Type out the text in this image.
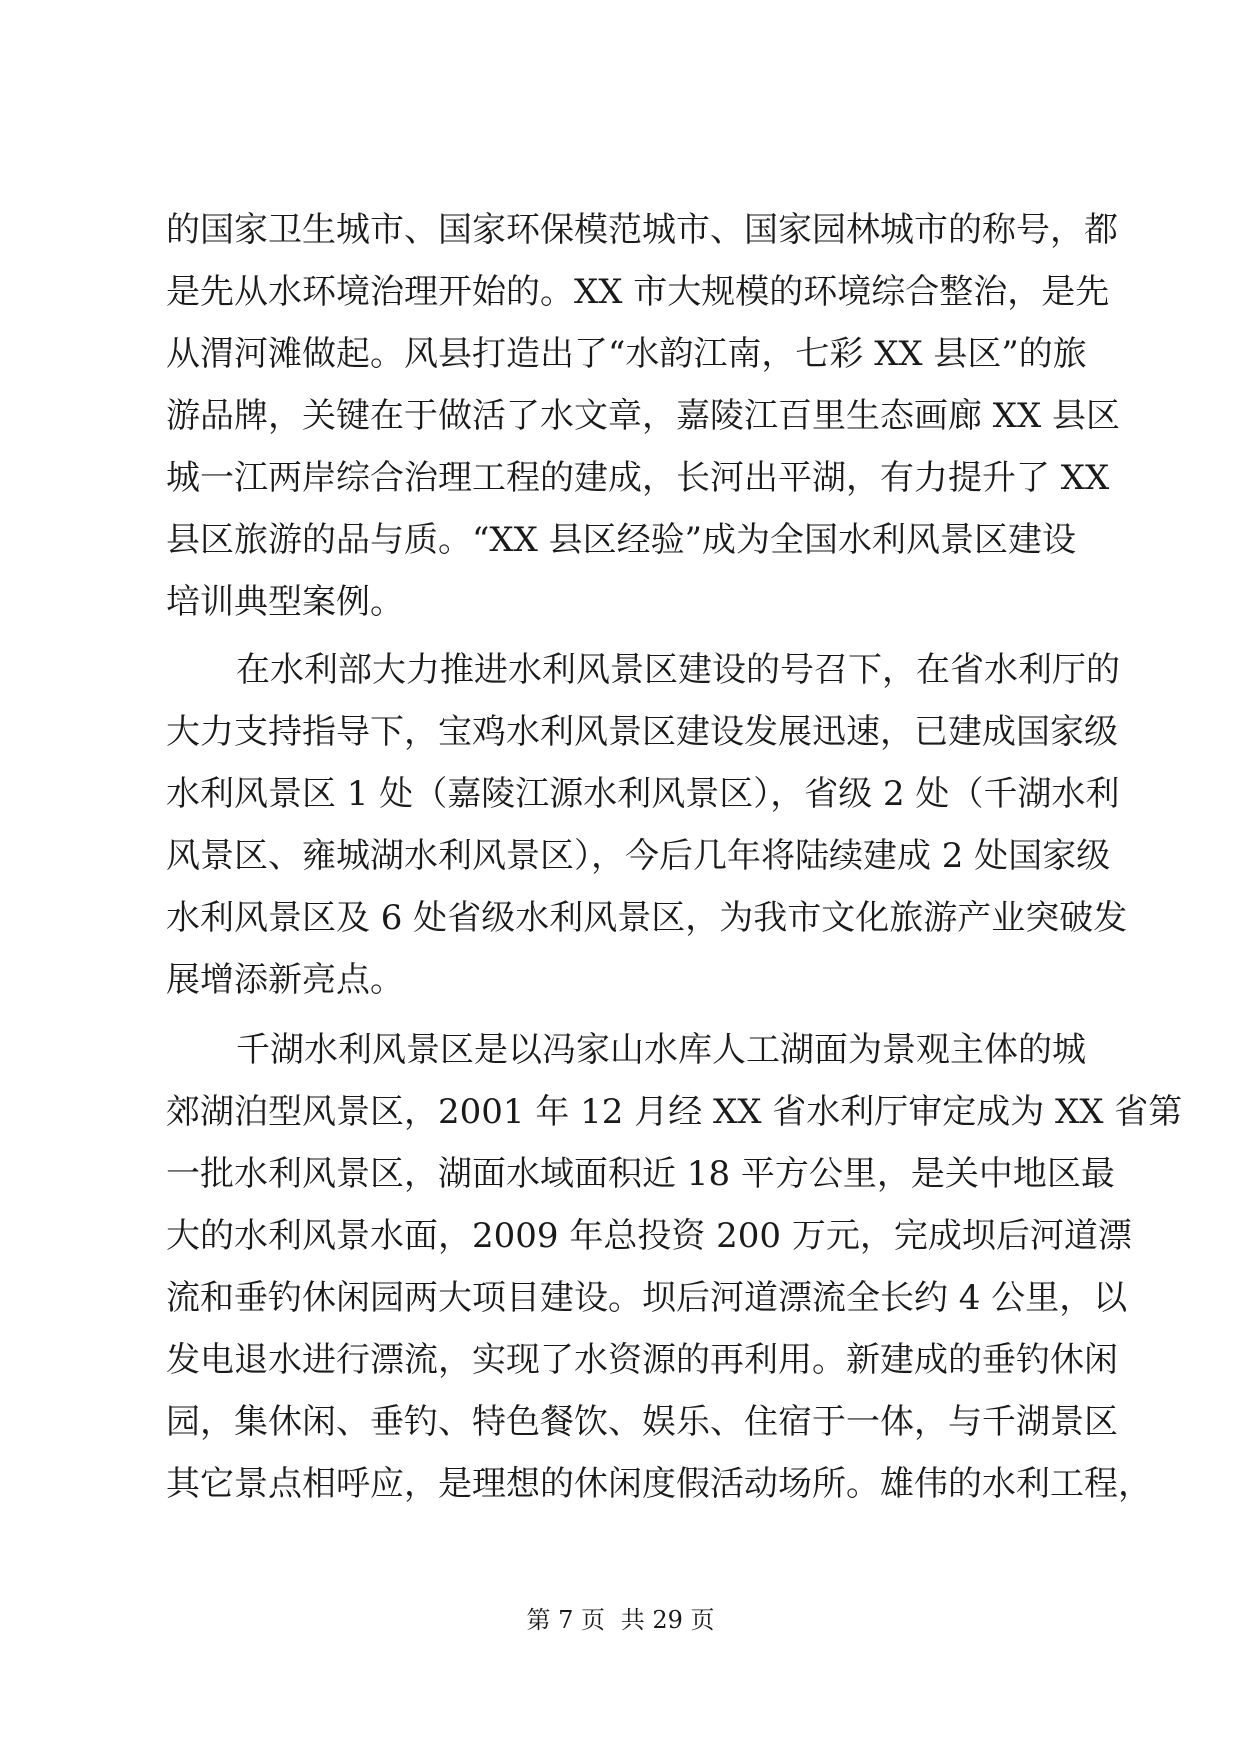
的国家卫生城市、国家环保模范城市、国家园林城市的称号，都
是先从水环境治理开始的。XX 市大规模的环境综合整治，是先
从渭河滩做起。风县打造出了“水韵江南，七彩 XX 县区”的旅
游品牌，关键在于做活了水文章，嘉陵江百里生态画廊 XX 县区
城一江两岸综合治理工程的建成，长河出平湖，有力提升了 XX
县区旅游的品与质。“XX 县区经验”成为全国水利风景区建设
培训典型案例。
在水利部大力推进水利风景区建设的号召下，在省水利厅的
大力支持指导下，宝鸡水利风景区建设发展迅速，已建成国家级
水利风景区 1 处（嘉陵江源水利风景区），省级 2 处（千湖水利
风景区、雍城湖水利风景区），今后几年将陆续建成 2 处国家级
水利风景区及 6 处省级水利风景区，为我市文化旅游产业突破发
展增添新亮点。
千湖水利风景区是以冯家山水库人工湖面为景观主体的城
郊湖泊型风景区，2001 年 12 月经 XX 省水利厅审定成为 XX 省第
一批水利风景区，湖面水域面积近 18 平方公里，是关中地区最
大的水利风景水面，2009 年总投资 200 万元，完成坝后河道漂
流和垂钓休闲园两大项目建设。坝后河道漂流全长约 4 公里，以
发电退水进行漂流，实现了水资源的再利用。新建成的垂钓休闲
园，集休闲、垂钓、特色餐饮、娱乐、住宿于一体，与千湖景区
其它景点相呼应，是理想的休闲度假活动场所。雄伟的水利工程，
第 7 页 共 29 页
